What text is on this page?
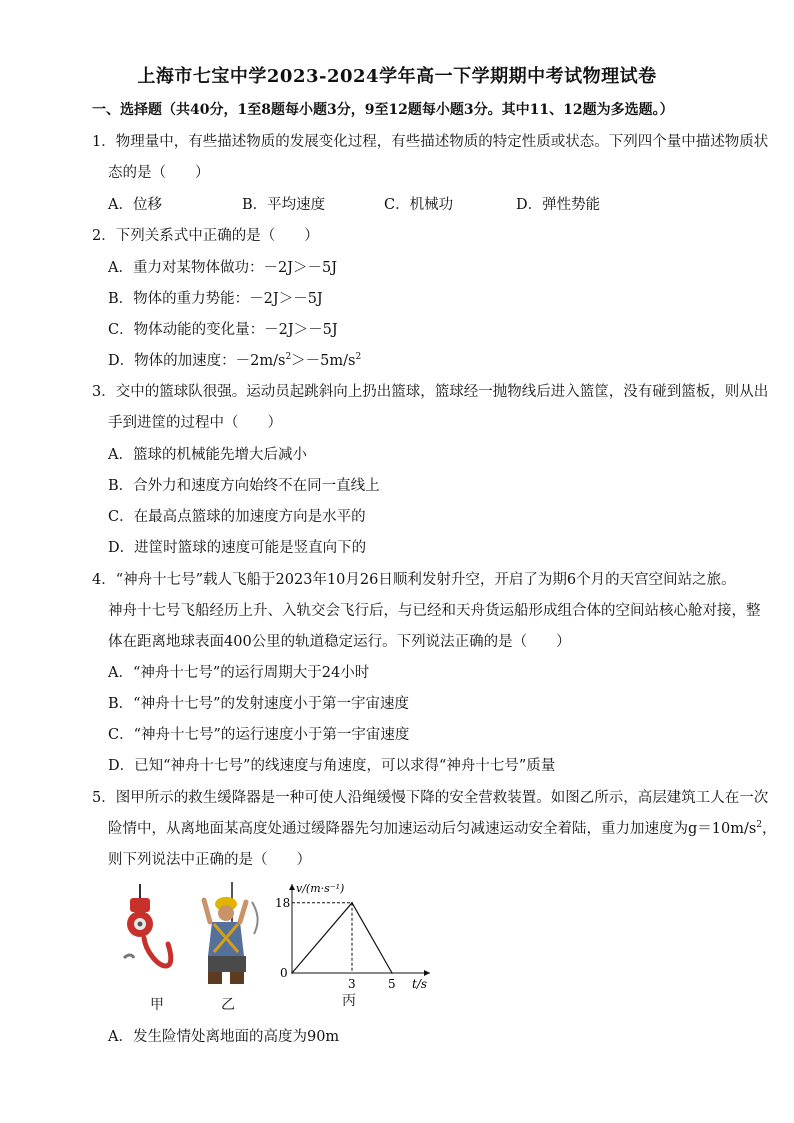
上海市七宝中学2023-2024学年高一下学期期中考试物理试卷
一、选择题（共40分，1至8题每小题3分，9至12题每小题3分。其中11、12题为多选题。）
1．物理量中，有些描述物质的发展变化过程，有些描述物质的特定性质或状态。下列四个量中描述物质状
态的是（　　）
A．位移	B．平均速度	C．机械功	D．弹性势能
2．下列关系式中正确的是（　　）
A．重力对某物体做功：－2J＞－5J
B．物体的重力势能：－2J＞－5J
C．物体动能的变化量：－2J＞－5J
D．物体的加速度：$-2m/s^2>-5m/s^2$
3．交中的篮球队很强。运动员起跳斜向上扔出篮球，篮球经一抛物线后进入篮筐，没有碰到篮板，则从出
手到进筐的过程中（　　）
A．篮球的机械能先增大后减小
B．合外力和速度方向始终不在同一直线上
C．在最高点篮球的加速度方向是水平的
D．进筐时篮球的速度可能是竖直向下的
4．“神舟十七号”载人飞船于2023年10月26日顺利发射升空，开启了为期6个月的天宫空间站之旅。
神舟十七号飞船经历上升、入轨交会飞行后，与已经和天舟货运船形成组合体的空间站核心舱对接，整
体在距离地球表面400公里的轨道稳定运行。下列说法正确的是（　　）
A．“神舟十七号”的运行周期大于24小时
B．“神舟十七号”的发射速度小于第一宇宙速度
C．“神舟十七号”的运行速度小于第一宇宙速度
D．已知“神舟十七号”的线速度与角速度，可以求得“神舟十七号”质量
5．图甲所示的救生缓降器是一种可使人沿绳缓慢下降的安全营救装置。如图乙所示，高层建筑工人在一次
险情中，从离地面某高度处通过缓降器先匀加速运动后匀减速运动安全着陆，重力加速度为$g=10m/s^2$，
则下列说法中正确的是（　　）
甲	乙
v/(m·s⁻¹)
t/s
0
18
3	5
丙
A．发生险情处离地面的高度为90m
